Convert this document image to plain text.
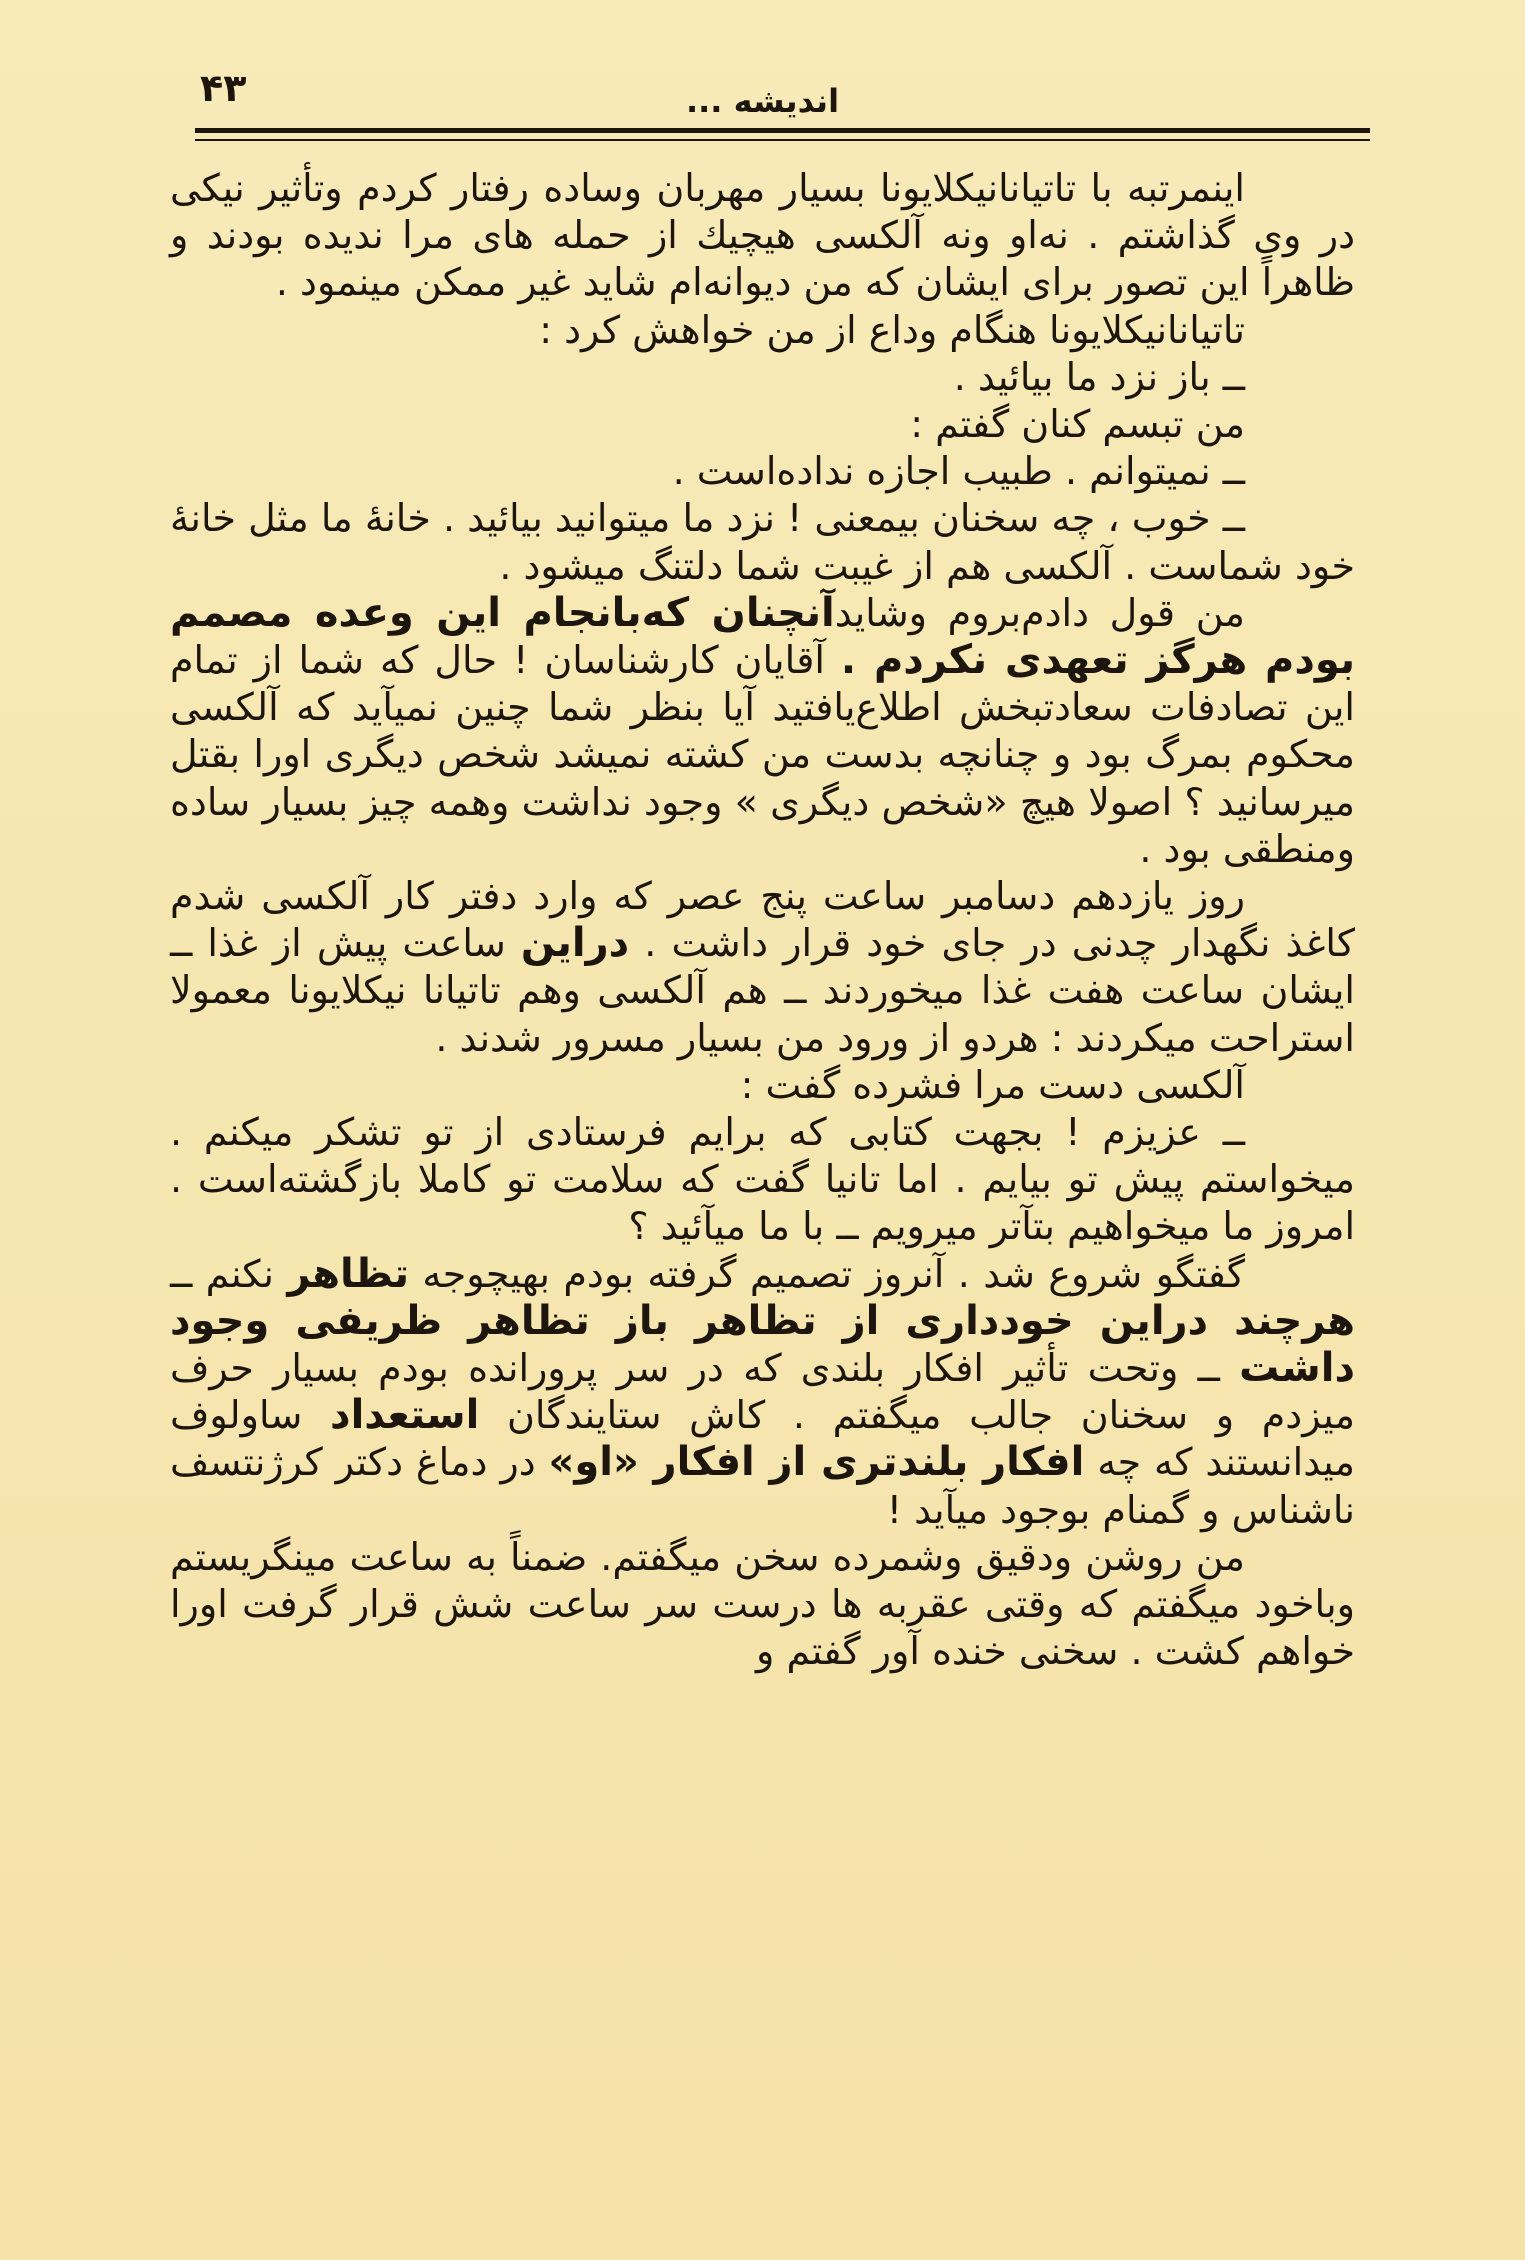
۴۳	اندیشه ...

اینمرتبه با تاتیانانیکلایونا بسیار مهربان وساده رفتار کردم وتأثیر نیکی در وی گذاشتم . نه‌او ونه آلکسی هیچیك از حمله های مرا ندیده بودند و ظاهراً این تصور برای ایشان که من دیوانه‌ام شاید غیر ممکن مینمود .

تاتیانانیکلایونا هنگام وداع از من خواهش کرد :

ــ باز نزد ما بیائید .

من تبسم کنان گفتم :

ــ نمیتوانم . طبیب اجازه نداده‌است .

ــ خوب ، چه سخنان بیمعنی ! نزد ما میتوانید بیائید . خانهٔ ما مثل خانهٔ خود شماست . آلکسی هم از غیبت شما دلتنگ میشود .

من قول دادم‌بروم وشایدآنچنان که‌بانجام این وعده مصمم بودم هرگز تعهدی نکردم . آقایان کارشناسان ! حال که شما از تمام این تصادفات سعادتبخش اطلاع‌یافتید آیا بنظر شما چنین نمیآید که آلکسی محکوم بمرگ بود و چنانچه بدست من کشته نمیشد شخص دیگری اورا بقتل میرسانید ؟ اصولا هیچ «شخص دیگری » وجود نداشت وهمه چیز بسیار ساده ومنطقی بود .

روز یازدهم دسامبر ساعت پنج عصر که وارد دفتر کار آلکسی شدم کاغذ نگهدار چدنی در جای خود قرار داشت . دراین ساعت پیش از غذا ــ ایشان ساعت هفت غذا میخوردند ــ هم آلکسی وهم تاتیانا نیکلایونا معمولا استراحت میکردند : هردو از ورود من بسیار مسرور شدند .

آلکسی دست مرا فشرده گفت :

ــ عزیزم ! بجهت کتابی که برایم فرستادی از تو تشکر میکنم . میخواستم پیش تو بیایم . اما تانیا گفت که سلامت تو کاملا بازگشته‌است . امروز ما میخواهیم بتآتر میرویم ــ با ما میآئید ؟

گفتگو شروع شد . آنروز تصمیم گرفته بودم بهیچوجه تظاهر نکنم ــ هرچند دراین خودداری از تظاهر باز تظاهر ظریفی وجود داشت ــ وتحت تأثیر افکار بلندی که در سر پرورانده بودم بسیار حرف میزدم و سخنان جالب میگفتم . کاش ستایندگان استعداد ساولوف میدانستند که چه افکار بلندتری از افکار «او» در دماغ دکتر کرژنتسف ناشناس و گمنام بوجود میآید !

من روشن ودقیق وشمرده سخن میگفتم. ضمناً به ساعت مینگریستم وباخود میگفتم که وقتی عقربه ها درست سر ساعت شش قرار گرفت اورا خواهم کشت . سخنی خنده آور گفتم و
